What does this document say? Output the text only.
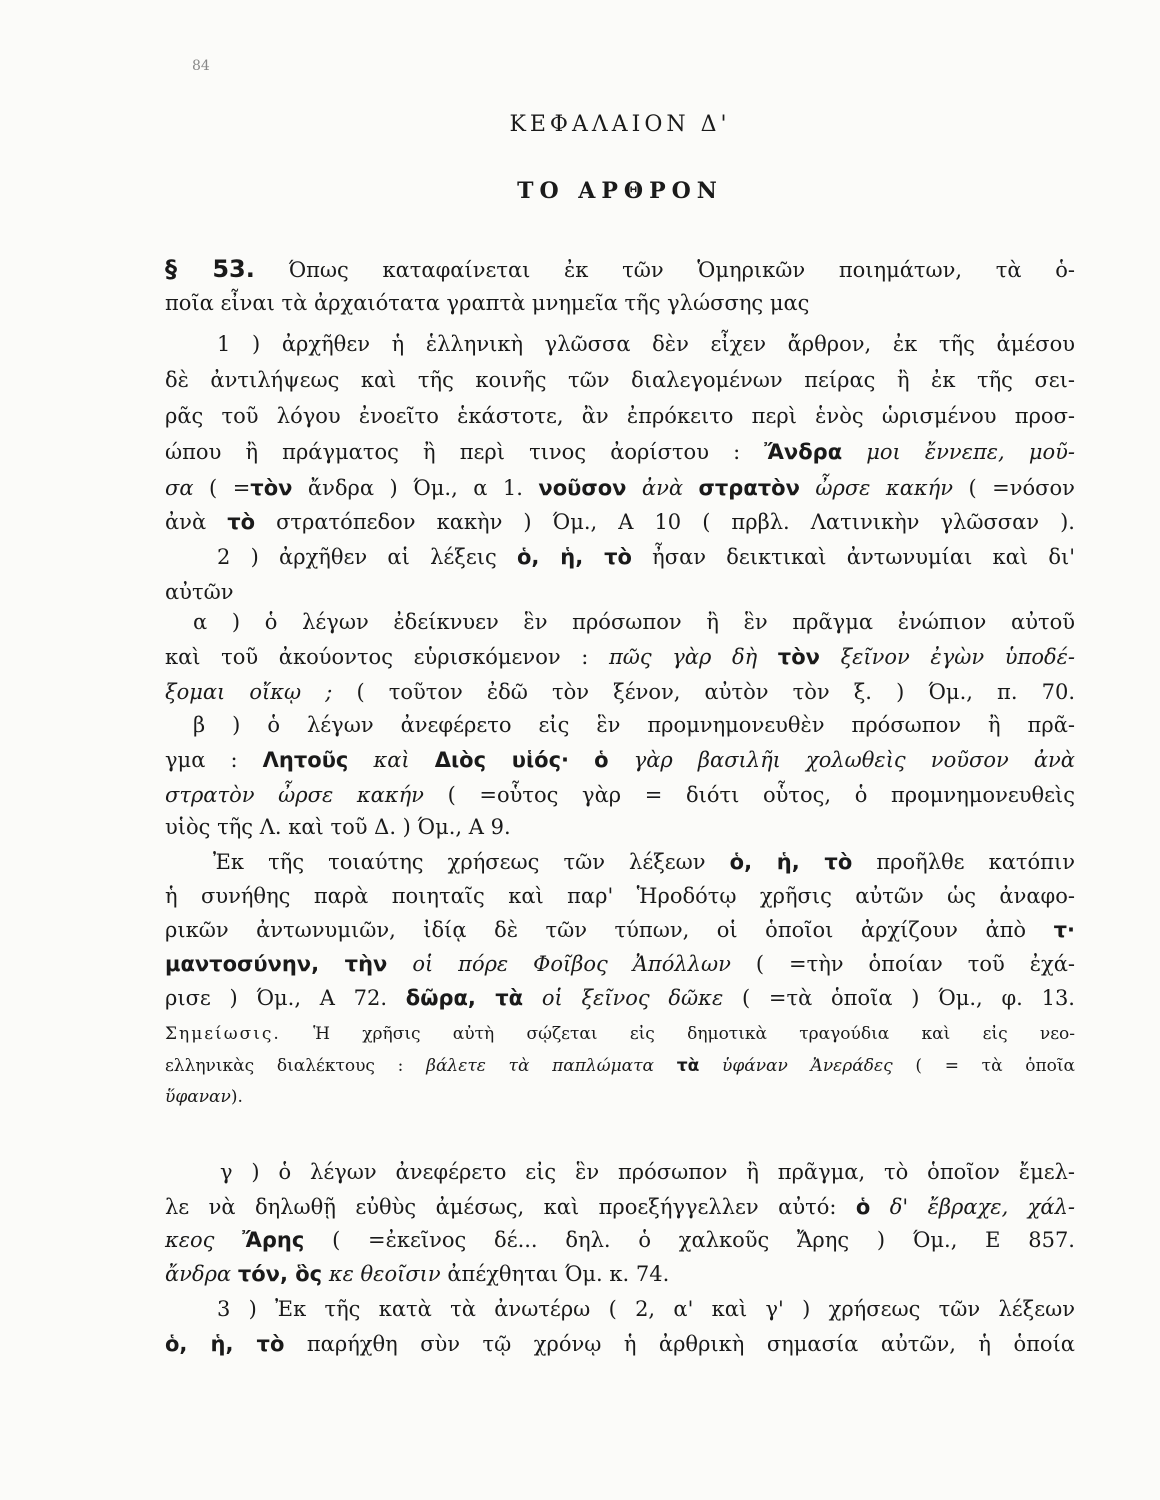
84
ΚΕΦΑΛΑΙΟΝ Δ'
ΤΟ ΑΡΘΡΟΝ
§ 53. Όπως καταφαίνεται ἐκ τῶν Ὁμηρικῶν ποιημάτων, τὰ ὁ-
ποῖα εἶναι τὰ ἀρχαιότατα γραπτὰ μνημεῖα τῆς γλώσσης μας
1 ) ἀρχῆθεν ἡ ἑλληνικὴ γλῶσσα δὲν εἶχεν ἄρθρον, ἐκ τῆς ἀμέσου
δὲ ἀντιλήψεως καὶ τῆς κοινῆς τῶν διαλεγομένων πείρας ἢ ἐκ τῆς σει-
ρᾶς τοῦ λόγου ἐνοεῖτο ἑκάστοτε, ἂν ἐπρόκειτο περὶ ἑνὸς ὡρισμένου προσ-
ώπου ἢ πράγματος ἢ περὶ τινος ἀορίστου : Ἄνδρα μοι ἔννεπε, μοῦ-
σα ( =τὸν ἄνδρα ) Όμ., α 1. νοῦσον ἀνὰ στρατὸν ὦρσε κακήν ( =νόσον
ἀνὰ τὸ στρατόπεδον κακὴν ) Όμ., Α 10 ( πρβλ. Λατινικὴν γλῶσσαν ).
2 ) ἀρχῆθεν αἱ λέξεις ὁ, ἡ, τὸ ἦσαν δεικτικαὶ ἀντωνυμίαι καὶ δι'
αὐτῶν
α ) ὁ λέγων ἐδείκνυεν ἓν πρόσωπον ἢ ἓν πρᾶγμα ἐνώπιον αὐτοῦ
καὶ τοῦ ἀκούοντος εὑρισκόμενον : πῶς γὰρ δὴ τὸν ξεῖνον ἐγὼν ὑποδέ-
ξομαι οἴκῳ ; ( τοῦτον ἐδῶ τὸν ξένον, αὐτὸν τὸν ξ. ) Όμ., π. 70.
β ) ὁ λέγων ἀνεφέρετο εἰς ἓν προμνημονευθὲν πρόσωπον ἢ πρᾶ-
γμα : Λητοῦς καὶ Διὸς υἱός· ὁ γὰρ βασιλῆι χολωθεὶς νοῦσον ἀνὰ
στρατὸν ὦρσε κακήν ( =οὗτος γὰρ = διότι οὗτος, ὁ προμνημονευθεὶς
υἱὸς τῆς Λ. καὶ τοῦ Δ. ) Όμ., Α 9.
Ἐκ τῆς τοιαύτης χρήσεως τῶν λέξεων ὁ, ἡ, τὸ προῆλθε κατόπιν
ἡ συνήθης παρὰ ποιηταῖς καὶ παρ' Ἡροδότῳ χρῆσις αὐτῶν ὡς ἀναφο-
ρικῶν ἀντωνυμιῶν, ἰδίᾳ δὲ τῶν τύπων, οἱ ὁποῖοι ἀρχίζουν ἀπὸ τ·
μαντοσύνην, τὴν οἱ πόρε Φοῖβος Ἀπόλλων ( =τὴν ὁποίαν τοῦ ἐχά-
ρισε ) Όμ., Α 72. δῶρα, τὰ οἱ ξεῖνος δῶκε ( =τὰ ὁποῖα ) Όμ., φ. 13.
Σημείωσις. Ἡ χρῆσις αὐτὴ σῴζεται εἰς δημοτικὰ τραγούδια καὶ εἰς νεο-
ελληνικὰς διαλέκτους : βάλετε τὰ παπλώματα τὰ ὑφάναν Ἀνεράδες ( = τὰ ὁποῖα
ὕφαναν).
γ ) ὁ λέγων ἀνεφέρετο εἰς ἓν πρόσωπον ἢ πρᾶγμα, τὸ ὁποῖον ἔμελ-
λε νὰ δηλωθῇ εὐθὺς ἀμέσως, καὶ προεξήγγελλεν αὐτό: ὁ δ' ἔβραχε, χάλ-
κεος Ἄρης ( =ἐκεῖνος δέ... δηλ. ὁ χαλκοῦς Ἄρης ) Όμ., Ε 857.
ἄνδρα τόν, ὃς κε θεοῖσιν ἀπέχθηται Όμ. κ. 74.
3 ) Ἐκ τῆς κατὰ τὰ ἀνωτέρω ( 2, α' καὶ γ' ) χρήσεως τῶν λέξεων
ὁ, ἡ, τὸ παρήχθη σὺν τῷ χρόνῳ ἡ ἀρθρικὴ σημασία αὐτῶν, ἡ ὁποία
